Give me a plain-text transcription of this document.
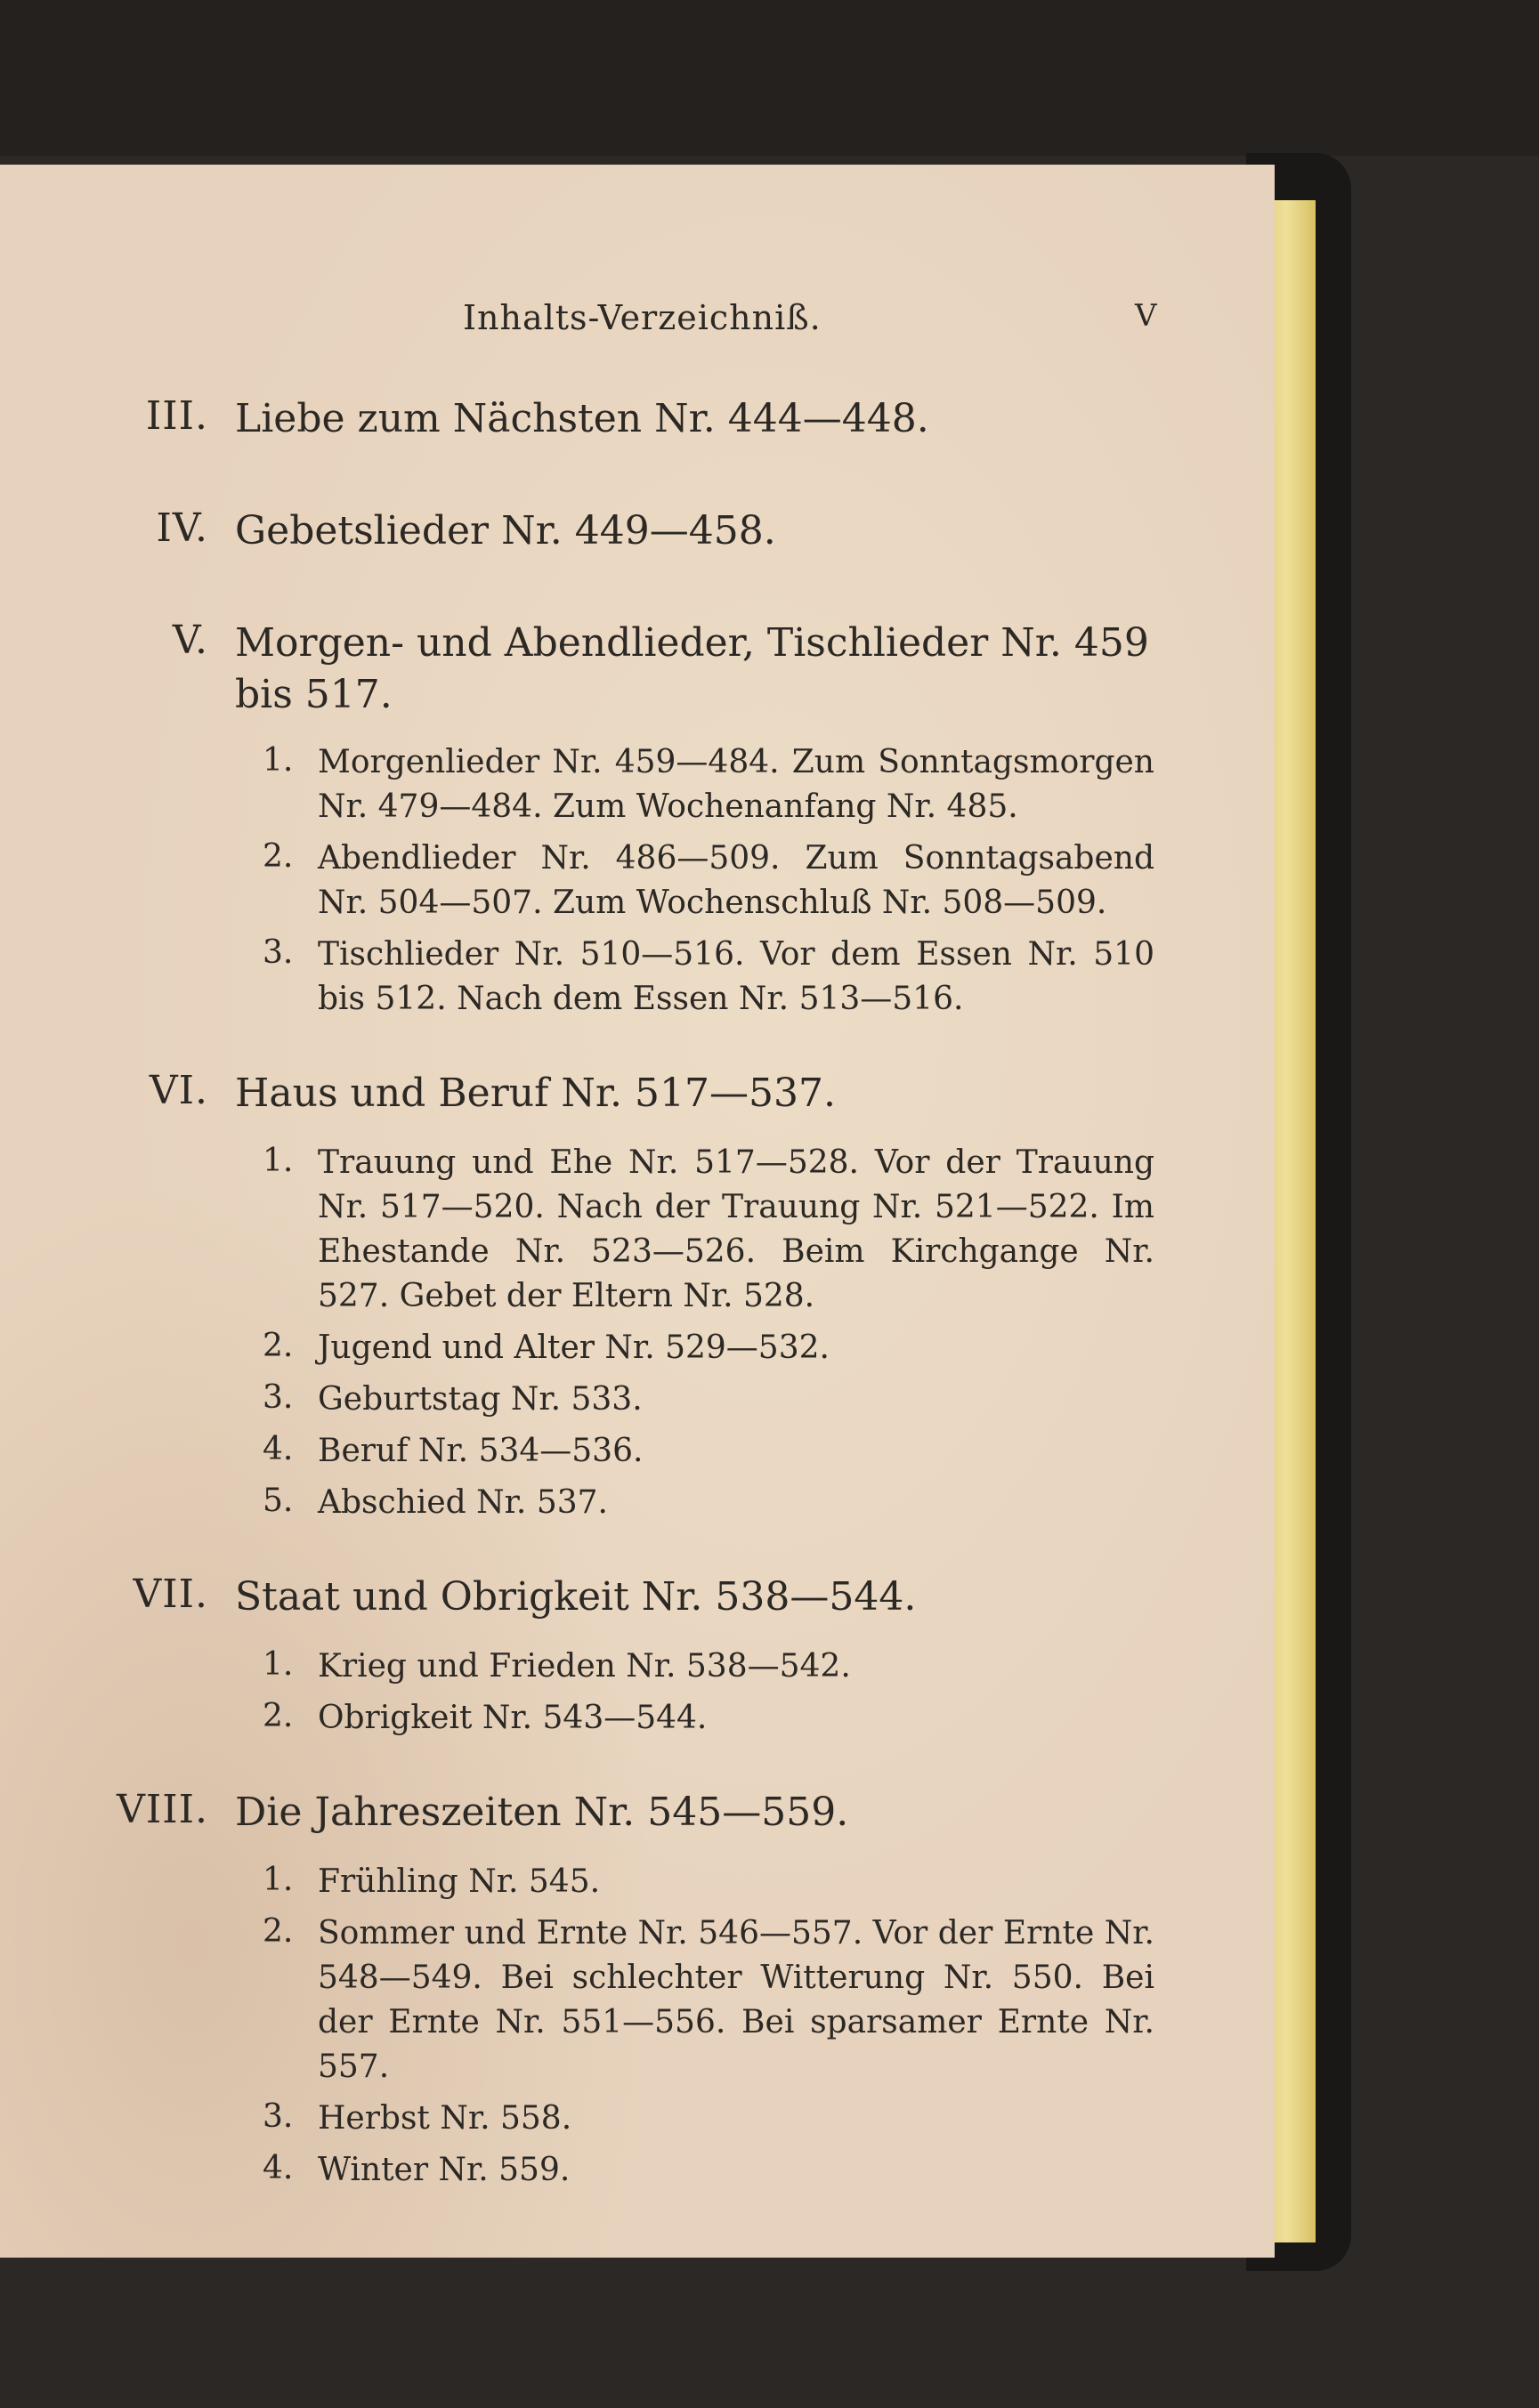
Inhalts-Verzeichniß.	V
III. Liebe zum Nächsten Nr. 444—448.
IV. Gebetslieder Nr. 449—458.
V. Morgen- und Abendlieder, Tischlieder Nr. 459 bis 517.
1. Morgenlieder Nr. 459—484. Zum Sonntagsmorgen Nr. 479—484. Zum Wochenanfang Nr. 485.
2. Abendlieder Nr. 486—509. Zum Sonntagsabend Nr. 504—507. Zum Wochenschluß Nr. 508—509.
3. Tischlieder Nr. 510—516. Vor dem Essen Nr. 510 bis 512. Nach dem Essen Nr. 513—516.
VI. Haus und Beruf Nr. 517—537.
1. Trauung und Ehe Nr. 517—528. Vor der Trauung Nr. 517—520. Nach der Trauung Nr. 521—522. Im Ehestande Nr. 523—526. Beim Kirchgange Nr. 527. Gebet der Eltern Nr. 528.
2. Jugend und Alter Nr. 529—532.
3. Geburtstag Nr. 533.
4. Beruf Nr. 534—536.
5. Abschied Nr. 537.
VII. Staat und Obrigkeit Nr. 538—544.
1. Krieg und Frieden Nr. 538—542.
2. Obrigkeit Nr. 543—544.
VIII. Die Jahreszeiten Nr. 545—559.
1. Frühling Nr. 545.
2. Sommer und Ernte Nr. 546—557. Vor der Ernte Nr. 548—549. Bei schlechter Witterung Nr. 550. Bei der Ernte Nr. 551—556. Bei sparsamer Ernte Nr. 557.
3. Herbst Nr. 558.
4. Winter Nr. 559.
